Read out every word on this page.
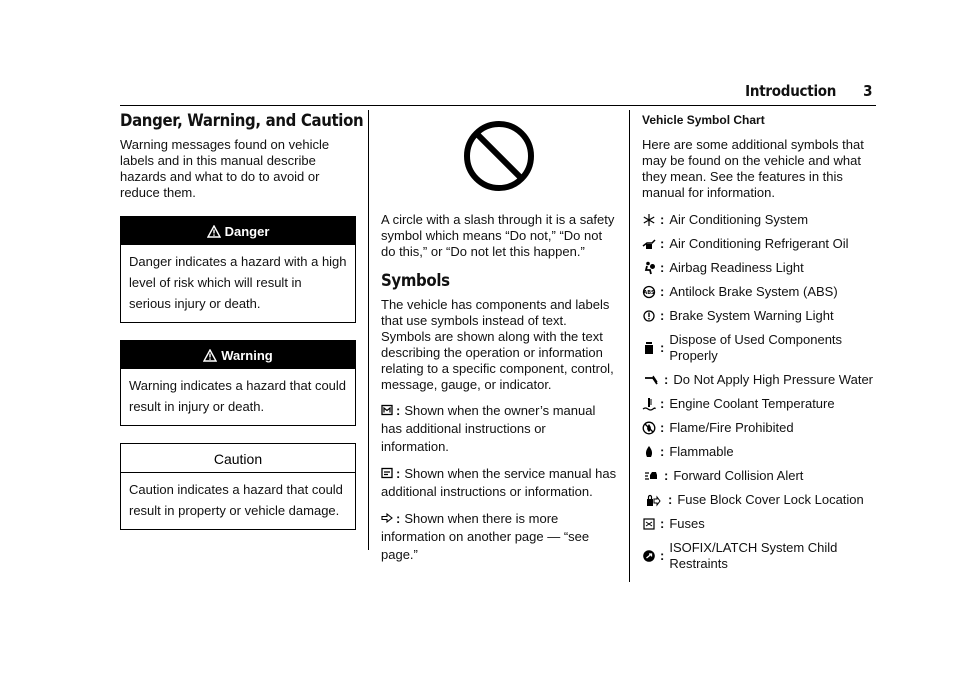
Introduction 3
Danger, Warning, and Caution

Warning messages found on vehicle labels and in this manual describe hazards and what to do to avoid or reduce them.

Danger
Danger indicates a hazard with a high level of risk which will result in serious injury or death.
Warning
Warning indicates a hazard that could result in injury or death.
Caution
Caution indicates a hazard that could result in property or vehicle damage.

A circle with a slash through it is a safety symbol which means “Do not,” “Do not do this,” or “Do not let this happen.”

Symbols

The vehicle has components and labels that use symbols instead of text. Symbols are shown along with the text describing the operation or information relating to a specific component, control, message, gauge, or indicator.

: Shown when the owner’s manual has additional instructions or information.

: Shown when the service manual has additional instructions or information.

: Shown when there is more information on another page — “see page.”

Vehicle Symbol Chart

Here are some additional symbols that may be found on the vehicle and what they mean. See the features in this manual for information.

: Air Conditioning System
: Air Conditioning Refrigerant Oil
: Airbag Readiness Light
ABS : Antilock Brake System (ABS)
: Brake System Warning Light
:
Dispose of Used Components Properly
: Do Not Apply High Pressure Water
: Engine Coolant Temperature
: Flame/Fire Prohibited
: Flammable
: Forward Collision Alert
: Fuse Block Cover Lock Location
: Fuses
:
ISOFIX/LATCH System Child Restraints
